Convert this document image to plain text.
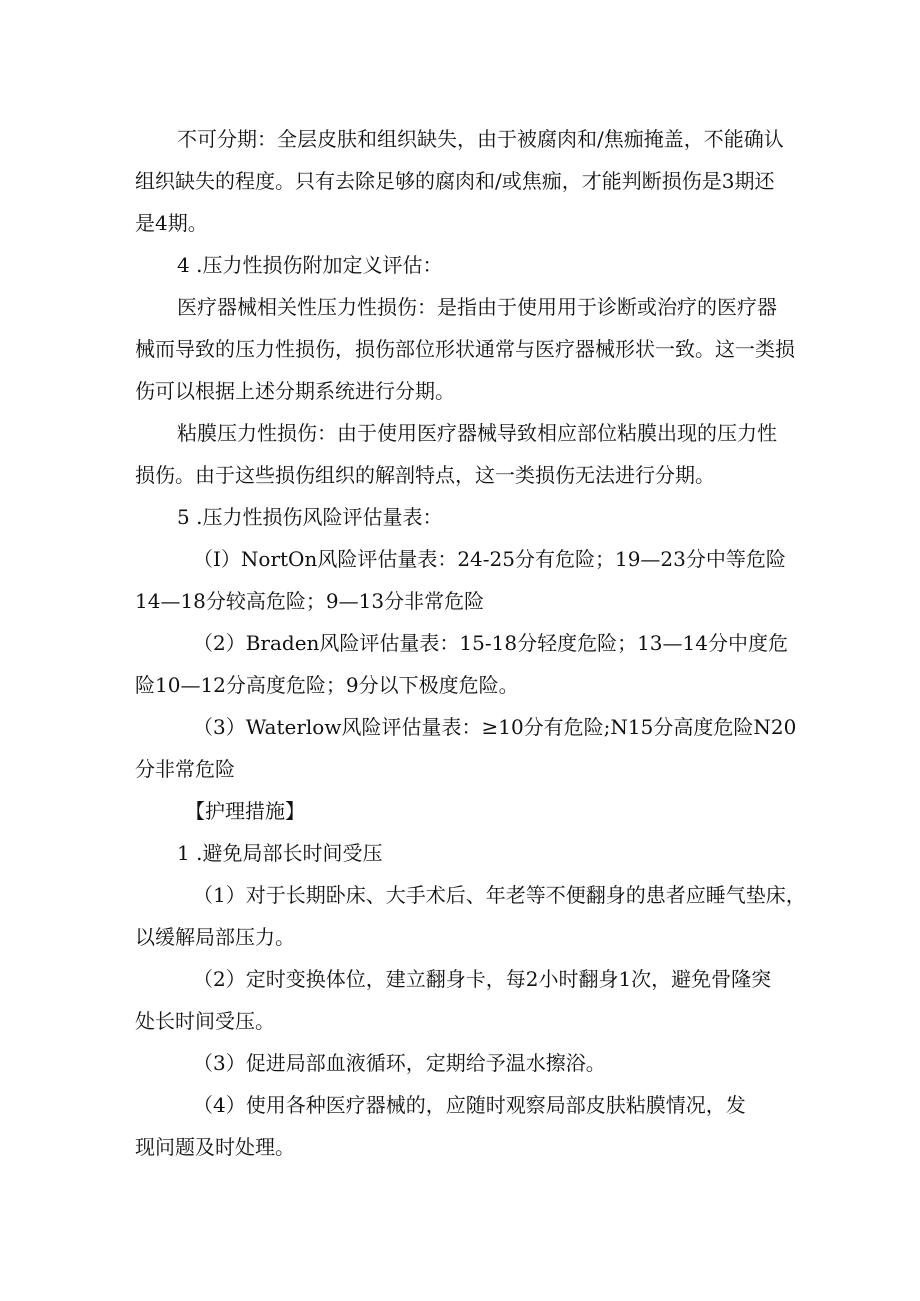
不可分期：全层皮肤和组织缺失，由于被腐肉和/焦痂掩盖，不能确认
组织缺失的程度。只有去除足够的腐肉和/或焦痂，才能判断损伤是3期还
是4期。
4 .压力性损伤附加定义评估：
医疗器械相关性压力性损伤：是指由于使用用于诊断或治疗的医疗器
械而导致的压力性损伤，损伤部位形状通常与医疗器械形状一致。这一类损
伤可以根据上述分期系统进行分期。
粘膜压力性损伤：由于使用医疗器械导致相应部位粘膜出现的压力性
损伤。由于这些损伤组织的解剖特点，这一类损伤无法进行分期。
5 .压力性损伤风险评估量表：
（I）NortOn风险评估量表：24-25分有危险；19—23分中等危险
14—18分较高危险；9—13分非常危险
（2）Braden风险评估量表：15-18分轻度危险；13—14分中度危
险10—12分高度危险；9分以下极度危险。
（3）Waterlow风险评估量表：≥10分有危险;N15分高度危险N20
分非常危险
【护理措施】
1 .避免局部长时间受压
（1）对于长期卧床、大手术后、年老等不便翻身的患者应睡气垫床，
以缓解局部压力。
（2）定时变换体位，建立翻身卡，每2小时翻身1次，避免骨隆突
处长时间受压。
（3）促进局部血液循环，定期给予温水擦浴。
（4）使用各种医疗器械的，应随时观察局部皮肤粘膜情况，发
现问题及时处理。
